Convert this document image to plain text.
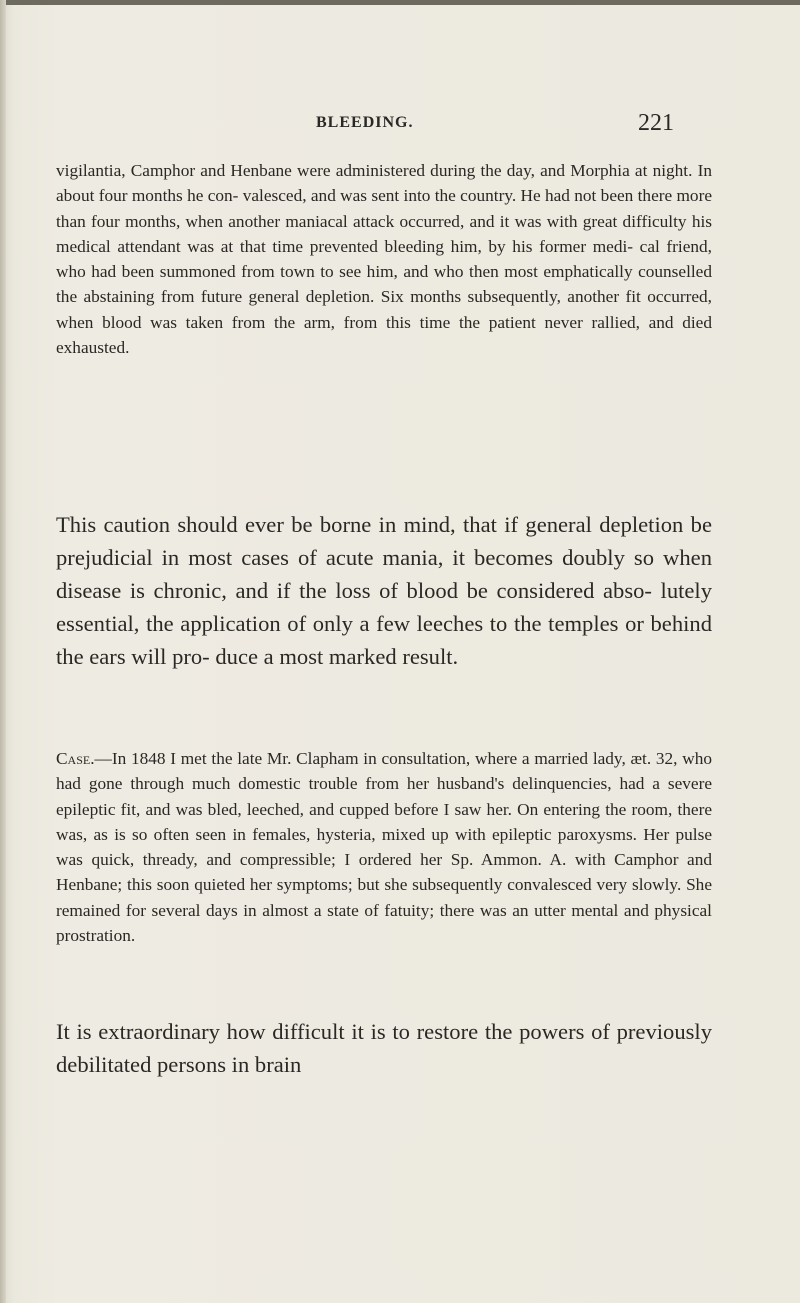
BLEEDING.	221

vigilantia, Camphor and Henbane were administered during the day, and Morphia at night. In about four months he con- valesced, and was sent into the country. He had not been there more than four months, when another maniacal attack occurred, and it was with great difficulty his medical attendant was at that time prevented bleeding him, by his former medi- cal friend, who had been summoned from town to see him, and who then most emphatically counselled the abstaining from future general depletion. Six months subsequently, another fit occurred, when blood was taken from the arm, from this time the patient never rallied, and died exhausted.

This caution should ever be borne in mind, that if general depletion be prejudicial in most cases of acute mania, it becomes doubly so when disease is chronic, and if the loss of blood be considered abso- lutely essential, the application of only a few leeches to the temples or behind the ears will pro- duce a most marked result.

Case.—In 1848 I met the late Mr. Clapham in consultation, where a married lady, æt. 32, who had gone through much domestic trouble from her husband's delinquencies, had a severe epileptic fit, and was bled, leeched, and cupped before I saw her. On entering the room, there was, as is so often seen in females, hysteria, mixed up with epileptic paroxysms. Her pulse was quick, thready, and compressible; I ordered her Sp. Ammon. A. with Camphor and Henbane; this soon quieted her symptoms; but she subsequently convalesced very slowly. She remained for several days in almost a state of fatuity; there was an utter mental and physical prostration.

It is extraordinary how difficult it is to restore the powers of previously debilitated persons in brain
